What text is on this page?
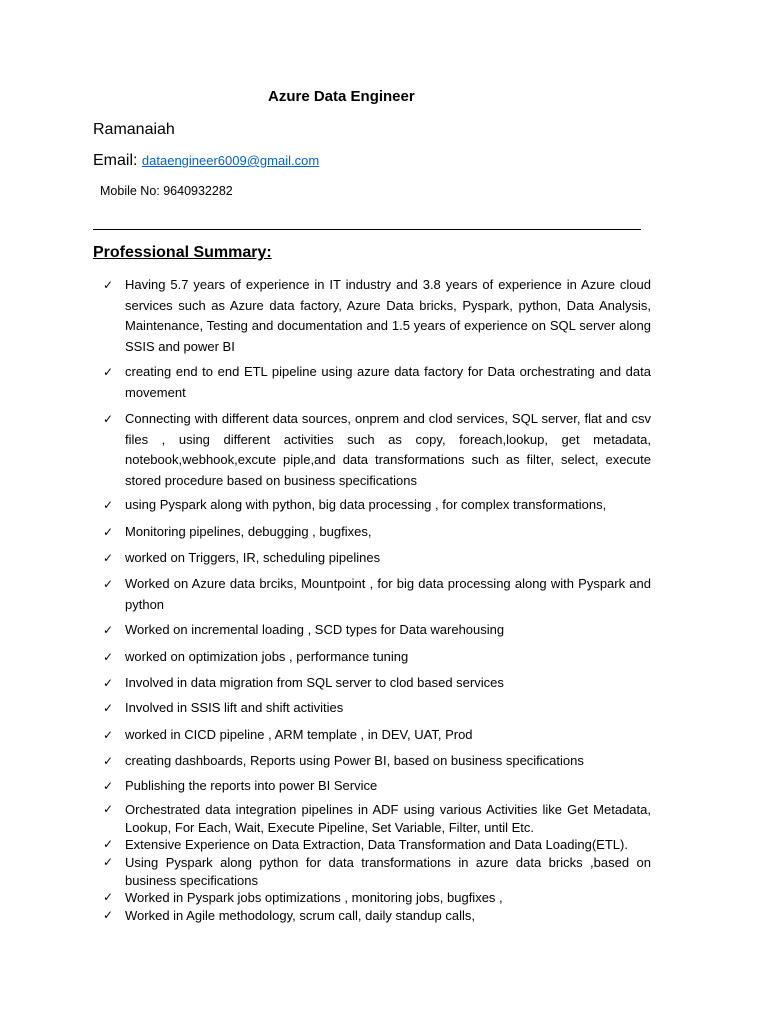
Azure Data Engineer
Ramanaiah
Email: dataengineer6009@gmail.com
Mobile No: 9640932282
Professional Summary:
✓ Having 5.7 years of experience in IT industry and 3.8 years of experience in Azure cloud services such as Azure data factory, Azure Data bricks, Pyspark, python, Data Analysis, Maintenance, Testing and documentation and 1.5 years of experience on SQL server along SSIS and power BI
✓ creating end to end ETL pipeline using azure data factory for Data orchestrating and data movement
✓ Connecting with different data sources, onprem and clod services, SQL server, flat and csv files , using different activities such as copy, foreach,lookup, get metadata, notebook,webhook,excute piple,and data transformations such as filter, select, execute stored procedure based on business specifications
✓ using Pyspark along with python, big data processing , for complex transformations,
✓ Monitoring pipelines, debugging , bugfixes,
✓ worked on Triggers, IR, scheduling pipelines
✓ Worked on Azure data brciks, Mountpoint , for big data processing along with Pyspark and python
✓ Worked on incremental loading , SCD types for Data warehousing
✓ worked on optimization jobs , performance tuning
✓ Involved in data migration from SQL server to clod based services
✓ Involved in SSIS lift and shift activities
✓ worked in CICD pipeline , ARM template , in DEV, UAT, Prod
✓ creating dashboards, Reports using Power BI, based on business specifications
✓ Publishing the reports into power BI Service
✓ Orchestrated data integration pipelines in ADF using various Activities like Get Metadata, Lookup, For Each, Wait, Execute Pipeline, Set Variable, Filter, until Etc.
✓ Extensive Experience on Data Extraction, Data Transformation and Data Loading(ETL).
✓ Using Pyspark along python for data transformations in azure data bricks ,based on business specifications
✓ Worked in Pyspark jobs optimizations , monitoring jobs, bugfixes ,
✓ Worked in Agile methodology, scrum call, daily standup calls,
